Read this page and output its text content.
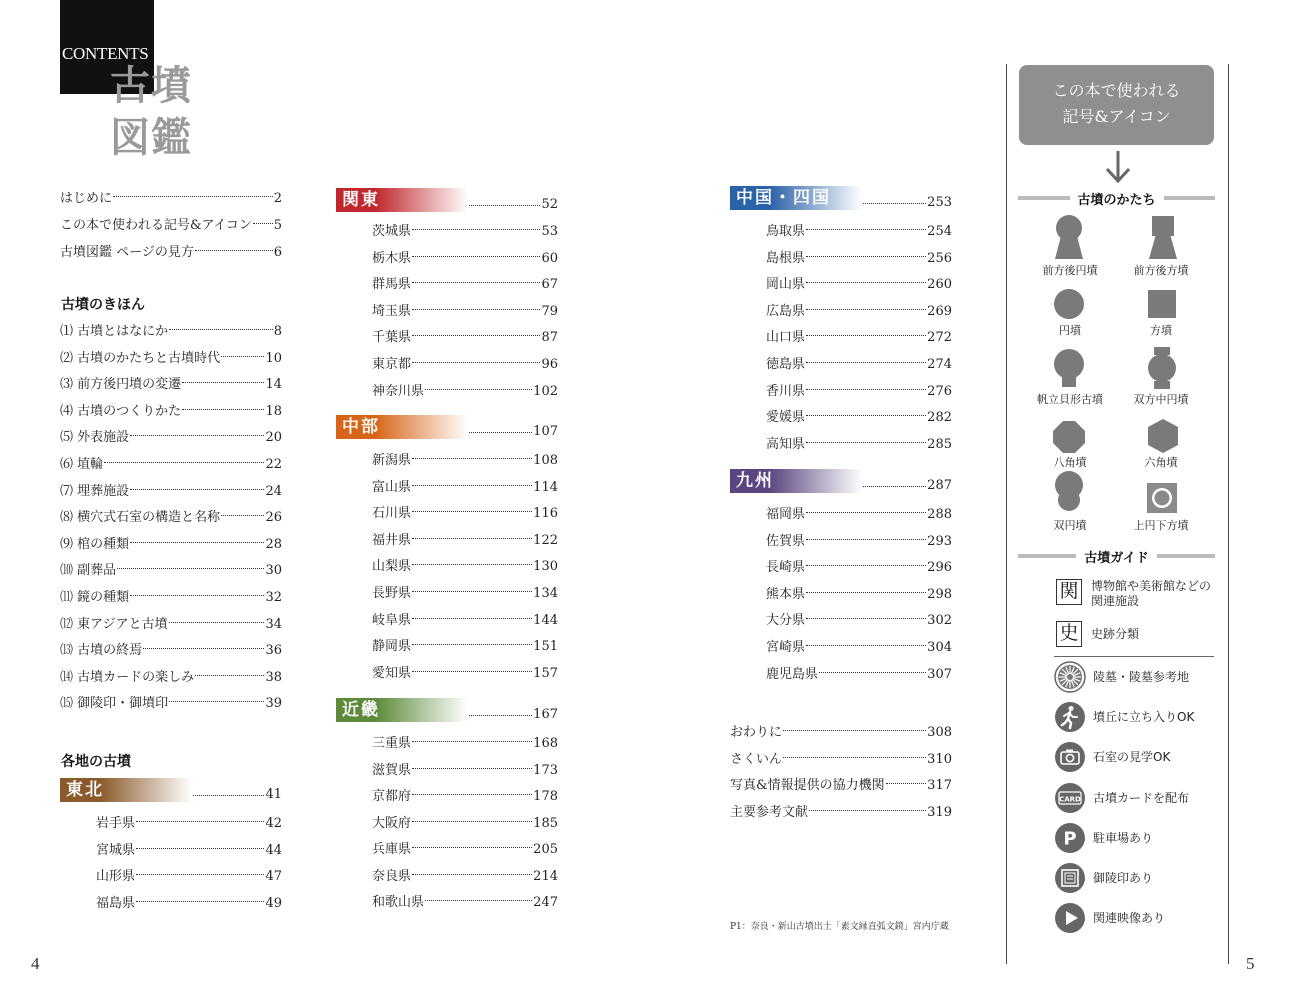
CONTENTS
古墳
図鑑
この本で使われる
記号&アイコン
古墳のかたち
前方後円墳	前方後方墳
円墳	方墳
帆立貝形古墳	双方中円墳
八角墳	六角墳
双円墳	上円下方墳
古墳ガイド
関 博物館や美術館などの
関連施設
史 史跡分類
CARD
P
陵墓・陵墓参考地
墳丘に立ち入りOK
石室の見学OK
古墳カードを配布
駐車場あり
御陵印あり
関連映像あり
P1：奈良・新山古墳出土「素文縁直弧文鏡」宮内庁蔵
4	5
はじめに	2
この本で使われる記号&アイコン 5
古墳図鑑 ページの見方	6
古墳のきほん
⑴ 古墳とはなにか	8
⑵ 古墳のかたちと古墳時代	10
⑶ 前方後円墳の変遷	14
⑷ 古墳のつくりかた	18
⑸ 外表施設	20
⑹ 埴輪	22
⑺ 埋葬施設	24
⑻ 横穴式石室の構造と名称	26
⑼ 棺の種類	28
⑽ 副葬品	30
⑾ 鏡の種類	32
⑿ 東アジアと古墳	34
⒀ 古墳の終焉	36
⒁ 古墳カードの楽しみ	38
⒂ 御陵印・御墳印	39
各地の古墳
東北	41
岩手県	42
宮城県	44
山形県	47
福島県	49
関東	52
茨城県	53
栃木県	60
群馬県	67
埼玉県	79
千葉県	87
東京都	96
神奈川県	102
中部	107
新潟県	108
富山県	114
石川県	116
福井県	122
山梨県	130
長野県	134
岐阜県	144
静岡県	151
愛知県	157
近畿	167
三重県	168
滋賀県	173
京都府	178
大阪府	185
兵庫県	205
奈良県	214
和歌山県	247
中国・四国	253
鳥取県	254
島根県	256
岡山県	260
広島県	269
山口県	272
徳島県	274
香川県	276
愛媛県	282
高知県	285
九州	287
福岡県	288
佐賀県	293
長崎県	296
熊本県	298
大分県	302
宮崎県	304
鹿児島県	307
おわりに	308
さくいん	310
写真&情報提供の協力機関	317
主要参考文献	319
